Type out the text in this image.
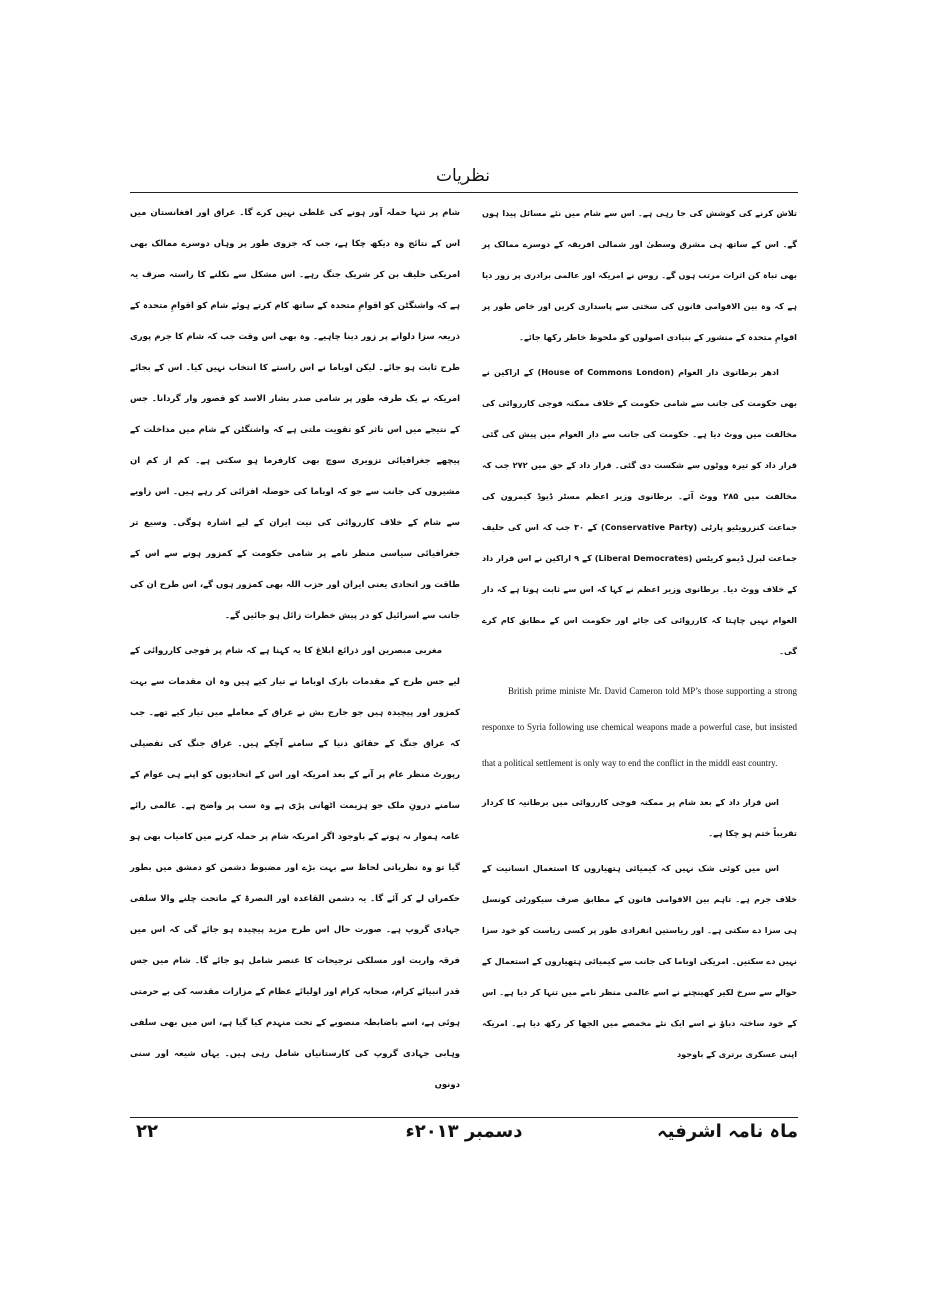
نظریات

تلاش کرنے کی کوشش کی جا رہی ہے۔ اس سے شام میں نئے مسائل پیدا ہوں گے۔ اس کے ساتھ ہی مشرق وسطیٰ اور شمالی افریقہ کے دوسرے ممالک پر بھی تباہ کن اثرات مرتب ہوں گے۔ روس نے امریکہ اور عالمی برادری پر زور دیا ہے کہ وہ بین الاقوامی قانون کی سختی سے پاسداری کریں اور خاص طور پر اقوامِ متحدہ کے منشور کے بنیادی اصولوں کو ملحوظ خاطر رکھا جائے۔

ادھر برطانوی دار العوام (House of Commons London) کے اراکین نے بھی حکومت کی جانب سے شامی حکومت کے خلاف ممکنہ فوجی کارروائی کی مخالفت میں ووٹ دیا ہے۔ حکومت کی جانب سے دار العوام میں پیش کی گئی قرار داد کو تیرہ ووٹوں سے شکست دی گئی۔ قرار داد کے حق میں ۲۷۲ جب کہ مخالفت میں ۲۸۵ ووٹ آئے۔ برطانوی وزیر اعظم مسٹر ڈیوڈ کیمرون کی جماعت کنزرویٹیو پارٹی (Conservative Party) کے ۳۰ جب کہ اس کی حلیف جماعت لبرل ڈیمو کریٹس (Liberal Democrates) کے ۹ اراکین نے اس قرار داد کے خلاف ووٹ دیا۔ برطانوی وزیر اعظم نے کہا کہ اس سے ثابت ہوتا ہے کہ دار العوام نہیں چاہتا کہ کارروائی کی جائے اور حکومت اس کے مطابق کام کرے گی۔

British prime ministe Mr. David Cameron told MP’s those supporting a strong responxe to Syria following use chemical weapons made a powerful case, but insisted that a political settlement is only way to end the conflict in the middl east country.

اس قرار داد کے بعد شام پر ممکنہ فوجی کارروائی میں برطانیہ کا کردار تقریباً ختم ہو چکا ہے۔

اس میں کوئی شک نہیں کہ کیمیائی ہتھیاروں کا استعمال انسانیت کے خلاف جرم ہے۔ تاہم بین الاقوامی قانون کے مطابق صرف سیکورٹی کونسل ہی سزا دے سکتی ہے۔ اور ریاستیں انفرادی طور پر کسی ریاست کو خود سزا نہیں دے سکتیں۔ امریکی اوباما کی جانب سے کیمیائی ہتھیاروں کے استعمال کے حوالے سے سرخ لکیر کھینچنے نے اسے عالمی منظر نامے میں تنہا کر دیا ہے۔ اس کے خود ساختہ دباؤ نے اسے ایک نئے مخمصے میں الجھا کر رکھ دیا ہے۔ امریکہ اپنی عسکری برتری کے باوجود

شام پر تنہا حملہ آور ہونے کی غلطی نہیں کرے گا۔ عراق اور افغانستان میں اس کے نتائج وہ دیکھ چکا ہے، جب کہ جزوی طور پر وہاں دوسرے ممالک بھی امریکی حلیف بن کر شریک جنگ رہے۔ اس مشکل سے نکلنے کا راستہ صرف یہ ہے کہ واشنگٹن کو اقوامِ متحدہ کے ساتھ کام کرتے ہوئے شام کو اقوامِ متحدہ کے ذریعہ سزا دلوانے پر زور دینا چاہیے۔ وہ بھی اس وقت جب کہ شام کا جرم پوری طرح ثابت ہو جائے۔ لیکن اوباما نے اس راستے کا انتخاب نہیں کیا۔ اس کے بجائے امریکہ نے یک طرفہ طور پر شامی صدر بشار الاسد کو قصور وار گردانا۔ جس کے نتیجے میں اس تاثر کو تقویت ملتی ہے کہ واشنگٹن کے شام میں مداخلت کے پیچھے جغرافیائی تزویری سوچ بھی کارفرما ہو سکتی ہے۔ کم از کم ان مشیروں کی جانب سے جو کہ اوباما کی حوصلہ افزائی کر رہے ہیں۔ اس زاویے سے شام کے خلاف کارروائی کی نیت ایران کے لیے اشارہ ہوگی۔ وسیع تر جغرافیائی سیاسی منظر نامے پر شامی حکومت کے کمزور ہونے سے اس کے طاقت ور اتحادی یعنی ایران اور حزب اللہ بھی کمزور ہوں گے، اس طرح ان کی جانب سے اسرائیل کو در پیش خطرات زائل ہو جائیں گے۔

مغربی مبصرین اور ذرائع ابلاغ کا یہ کہنا ہے کہ شام پر فوجی کارروائی کے لیے جس طرح کے مقدمات بارک اوباما نے تیار کیے ہیں وہ ان مقدمات سے بہت کمزور اور پیچیدہ ہیں جو جارج بش نے عراق کے معاملے میں تیار کیے تھے۔ جب کہ عراق جنگ کے حقائق دنیا کے سامنے آچکے ہیں۔ عراق جنگ کی تفصیلی رپورٹ منظر عام پر آنے کے بعد امریکہ اور اس کے اتحادیوں کو اپنے ہی عوام کے سامنے درونِ ملک جو ہزیمت اٹھانی پڑی ہے وہ سب پر واضح ہے۔ عالمی رائے عامہ ہموار نہ ہونے کے باوجود اگر امریکہ شام پر حملہ کرنے میں کامیاب بھی ہو گیا تو وہ نظریاتی لحاظ سے بہت بڑے اور مضبوط دشمن کو دمشق میں بطور حکمراں لے کر آئے گا۔ یہ دشمن القاعدہ اور النصرۃ کے ماتحت چلنے والا سلفی جہادی گروپ ہے۔ صورت حال اس طرح مزید پیچیدہ ہو جائے گی کہ اس میں فرقہ واریت اور مسلکی ترجیحات کا عنصر شامل ہو جائے گا۔ شام میں جس قدر انبیائے کرام، صحابہ کرام اور اولیائے عظام کے مزارات مقدسہ کی بے حرمتی ہوئی ہے، اسے باضابطہ منصوبے کے تحت منہدم کیا گیا ہے، اس میں بھی سلفی وہابی جہادی گروپ کی کارستانیاں شامل رہی ہیں۔ یہاں شیعہ اور سنی دونوں

ماہ نامہ اشرفیہ
دسمبر ۲۰۱۳ء
۲۲
